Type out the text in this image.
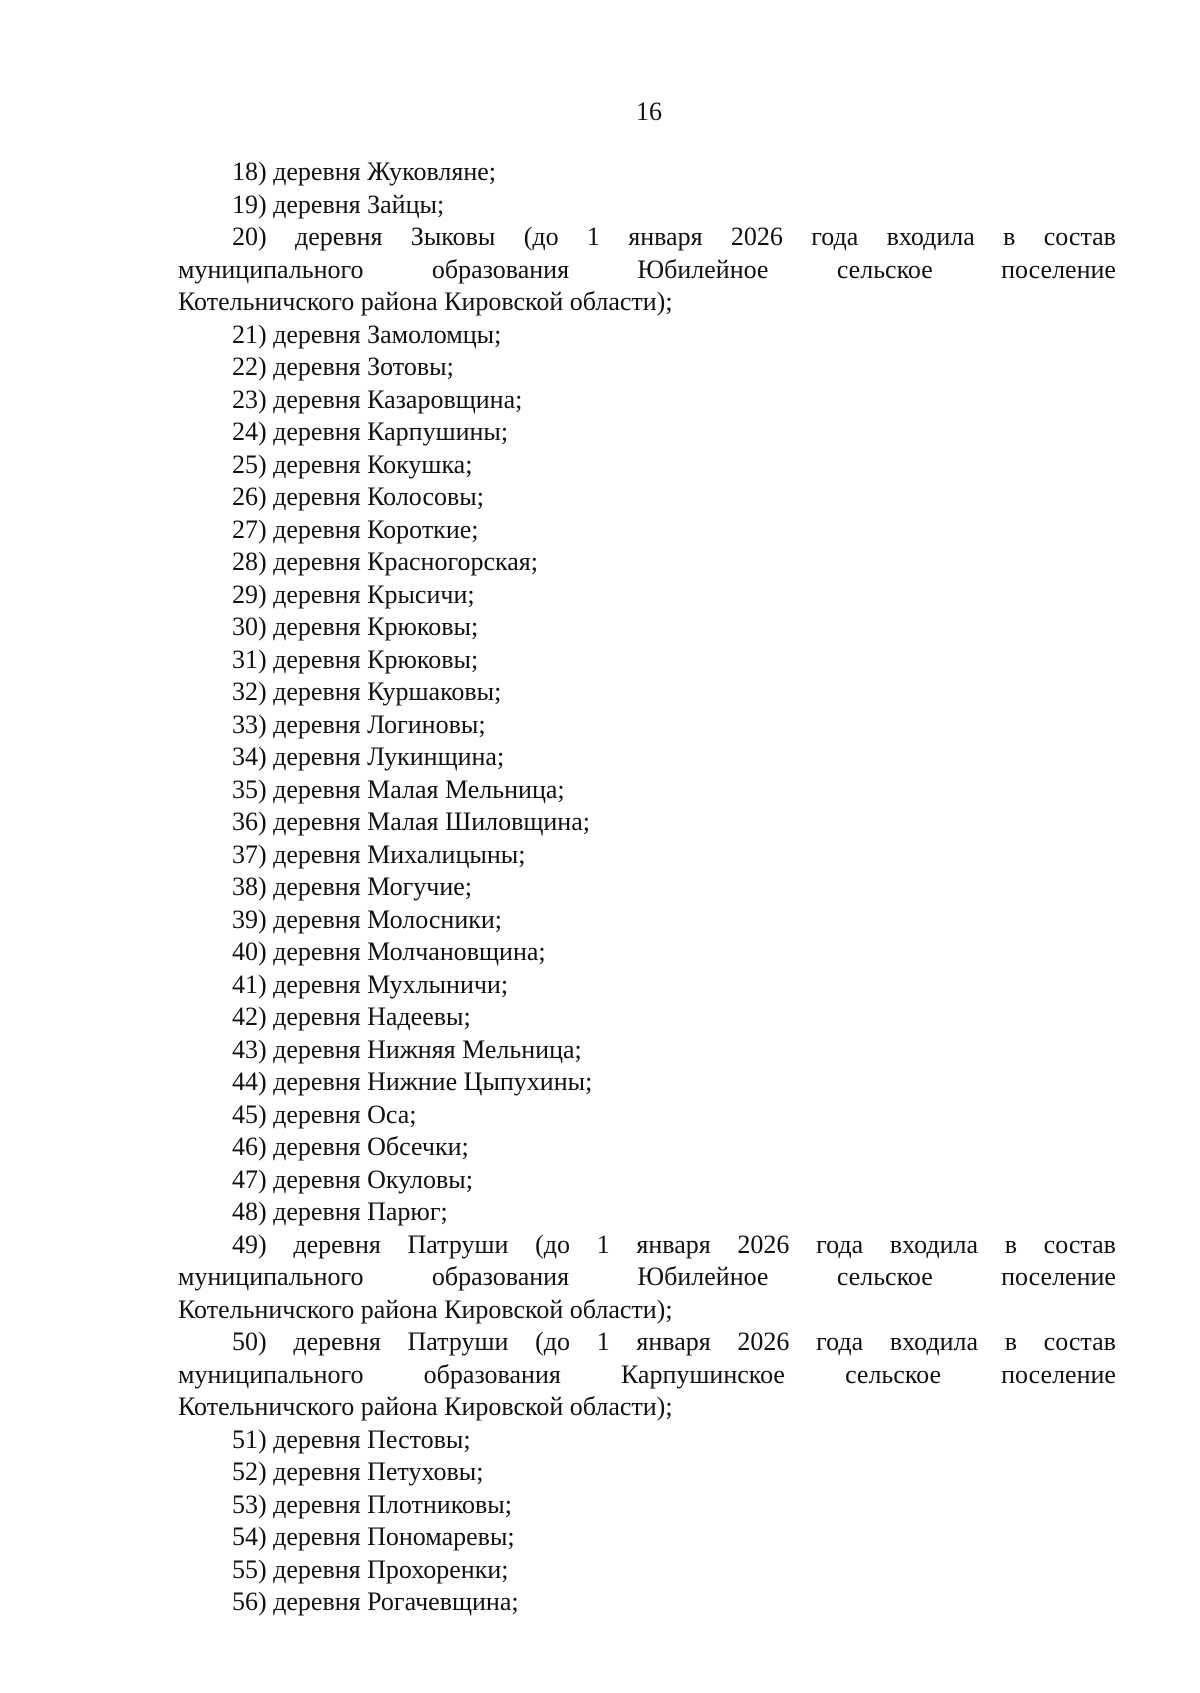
16
18) деревня Жуковляне;
19) деревня Зайцы;
20) деревня Зыковы (до 1 января 2026 года входила в состав
муниципального	образования	Юбилейное	сельское	поселение
Котельничского района Кировской области);
21) деревня Замоломцы;
22) деревня Зотовы;
23) деревня Казаровщина;
24) деревня Карпушины;
25) деревня Кокушка;
26) деревня Колосовы;
27) деревня Короткие;
28) деревня Красногорская;
29) деревня Крысичи;
30) деревня Крюковы;
31) деревня Крюковы;
32) деревня Куршаковы;
33) деревня Логиновы;
34) деревня Лукинщина;
35) деревня Малая Мельница;
36) деревня Малая Шиловщина;
37) деревня Михалицыны;
38) деревня Могучие;
39) деревня Молосники;
40) деревня Молчановщина;
41) деревня Мухлыничи;
42) деревня Надеевы;
43) деревня Нижняя Мельница;
44) деревня Нижние Цыпухины;
45) деревня Оса;
46) деревня Обсечки;
47) деревня Окуловы;
48) деревня Парюг;
49) деревня Патруши (до 1 января 2026 года входила в состав
муниципального	образования	Юбилейное	сельское	поселение
Котельничского района Кировской области);
50) деревня Патруши (до 1 января 2026 года входила в состав
муниципального образования Карпушинское сельское поселение
Котельничского района Кировской области);
51) деревня Пестовы;
52) деревня Петуховы;
53) деревня Плотниковы;
54) деревня Пономаревы;
55) деревня Прохоренки;
56) деревня Рогачевщина;
